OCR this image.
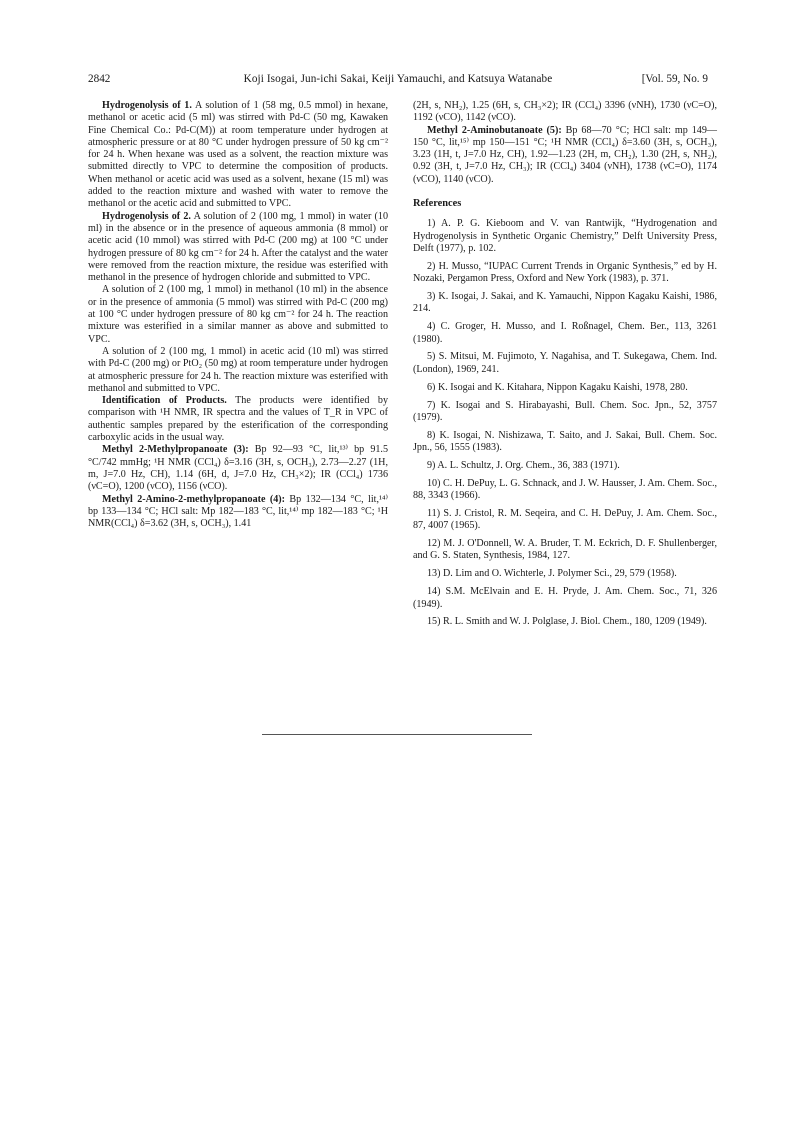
2842	Koji Isogai, Jun-ichi Sakai, Keiji Yamauchi, and Katsuya Watanabe	[Vol. 59, No. 9

Hydrogenolysis of 1. A solution of 1 (58 mg, 0.5 mmol) in hexane, methanol or acetic acid (5 ml) was stirred with Pd-C (50 mg, Kawaken Fine Chemical Co.: Pd-C(M)) at room temperature under hydrogen at atmospheric pressure or at 80 °C under hydrogen pressure of 50 kg cm⁻² for 24 h. When hexane was used as a solvent, the reaction mixture was submitted directly to VPC to determine the composition of products. When methanol or acetic acid was used as a solvent, hexane (15 ml) was added to the reaction mixture and washed with water to remove the methanol or the acetic acid and submitted to VPC.

Hydrogenolysis of 2. A solution of 2 (100 mg, 1 mmol) in water (10 ml) in the absence or in the presence of aqueous ammonia (8 mmol) or acetic acid (10 mmol) was stirred with Pd-C (200 mg) at 100 °C under hydrogen pressure of 80 kg cm⁻² for 24 h. After the catalyst and the water were removed from the reaction mixture, the residue was esterified with methanol in the presence of hydrogen chloride and submitted to VPC.

A solution of 2 (100 mg, 1 mmol) in methanol (10 ml) in the absence or in the presence of ammonia (5 mmol) was stirred with Pd-C (200 mg) at 100 °C under hydrogen pressure of 80 kg cm⁻² for 24 h. The reaction mixture was esterified in a similar manner as above and submitted to VPC.

A solution of 2 (100 mg, 1 mmol) in acetic acid (10 ml) was stirred with Pd-C (200 mg) or PtO₂ (50 mg) at room temperature under hydrogen at atmospheric pressure for 24 h. The reaction mixture was esterified with methanol and submitted to VPC.

Identification of Products. The products were identified by comparison with ¹H NMR, IR spectra and the values of T_R in VPC of authentic samples prepared by the esterification of the corresponding carboxylic acids in the usual way.

Methyl 2-Methylpropanoate (3): Bp 92—93 °C, lit,¹³⁾ bp 91.5 °C/742 mmHg; ¹H NMR (CCl₄) δ=3.16 (3H, s, OCH₃), 2.73—2.27 (1H, m, J=7.0 Hz, CH), 1.14 (6H, d, J=7.0 Hz, CH₃×2); IR (CCl₄) 1736 (νC=O), 1200 (νCO), 1156 (νCO).

Methyl 2-Amino-2-methylpropanoate (4): Bp 132—134 °C, lit,¹⁴⁾ bp 133—134 °C; HCl salt: Mp 182—183 °C, lit,¹⁴⁾ mp 182—183 °C; ¹H NMR(CCl₄) δ=3.62 (3H, s, OCH₃), 1.41

(2H, s, NH₂), 1.25 (6H, s, CH₃×2); IR (CCl₄) 3396 (νNH), 1730 (νC=O), 1192 (νCO), 1142 (νCO).

Methyl 2-Aminobutanoate (5): Bp 68—70 °C; HCl salt: mp 149—150 °C, lit,¹⁵⁾ mp 150—151 °C; ¹H NMR (CCl₄) δ=3.60 (3H, s, OCH₃), 3.23 (1H, t, J=7.0 Hz, CH), 1.92—1.23 (2H, m, CH₂), 1.30 (2H, s, NH₂), 0.92 (3H, t, J=7.0 Hz, CH₃); IR (CCl₄) 3404 (νNH), 1738 (νC=O), 1174 (νCO), 1140 (νCO).

References

1) A. P. G. Kieboom and V. van Rantwijk, “Hydrogenation and Hydrogenolysis in Synthetic Organic Chemistry,” Delft University Press, Delft (1977), p. 102.

2) H. Musso, “IUPAC Current Trends in Organic Synthesis,” ed by H. Nozaki, Pergamon Press, Oxford and New York (1983), p. 371.

3) K. Isogai, J. Sakai, and K. Yamauchi, Nippon Kagaku Kaishi, 1986, 214.

4) C. Groger, H. Musso, and I. Roßnagel, Chem. Ber., 113, 3261 (1980).

5) S. Mitsui, M. Fujimoto, Y. Nagahisa, and T. Sukegawa, Chem. Ind. (London), 1969, 241.

6) K. Isogai and K. Kitahara, Nippon Kagaku Kaishi, 1978, 280.

7) K. Isogai and S. Hirabayashi, Bull. Chem. Soc. Jpn., 52, 3757 (1979).

8) K. Isogai, N. Nishizawa, T. Saito, and J. Sakai, Bull. Chem. Soc. Jpn., 56, 1555 (1983).

9) A. L. Schultz, J. Org. Chem., 36, 383 (1971).

10) C. H. DePuy, L. G. Schnack, and J. W. Hausser, J. Am. Chem. Soc., 88, 3343 (1966).

11) S. J. Cristol, R. M. Seqeira, and C. H. DePuy, J. Am. Chem. Soc., 87, 4007 (1965).

12) M. J. O'Donnell, W. A. Bruder, T. M. Eckrich, D. F. Shullenberger, and G. S. Staten, Synthesis, 1984, 127.

13) D. Lim and O. Wichterle, J. Polymer Sci., 29, 579 (1958).

14) S.M. McElvain and E. H. Pryde, J. Am. Chem. Soc., 71, 326 (1949).

15) R. L. Smith and W. J. Polglase, J. Biol. Chem., 180, 1209 (1949).
